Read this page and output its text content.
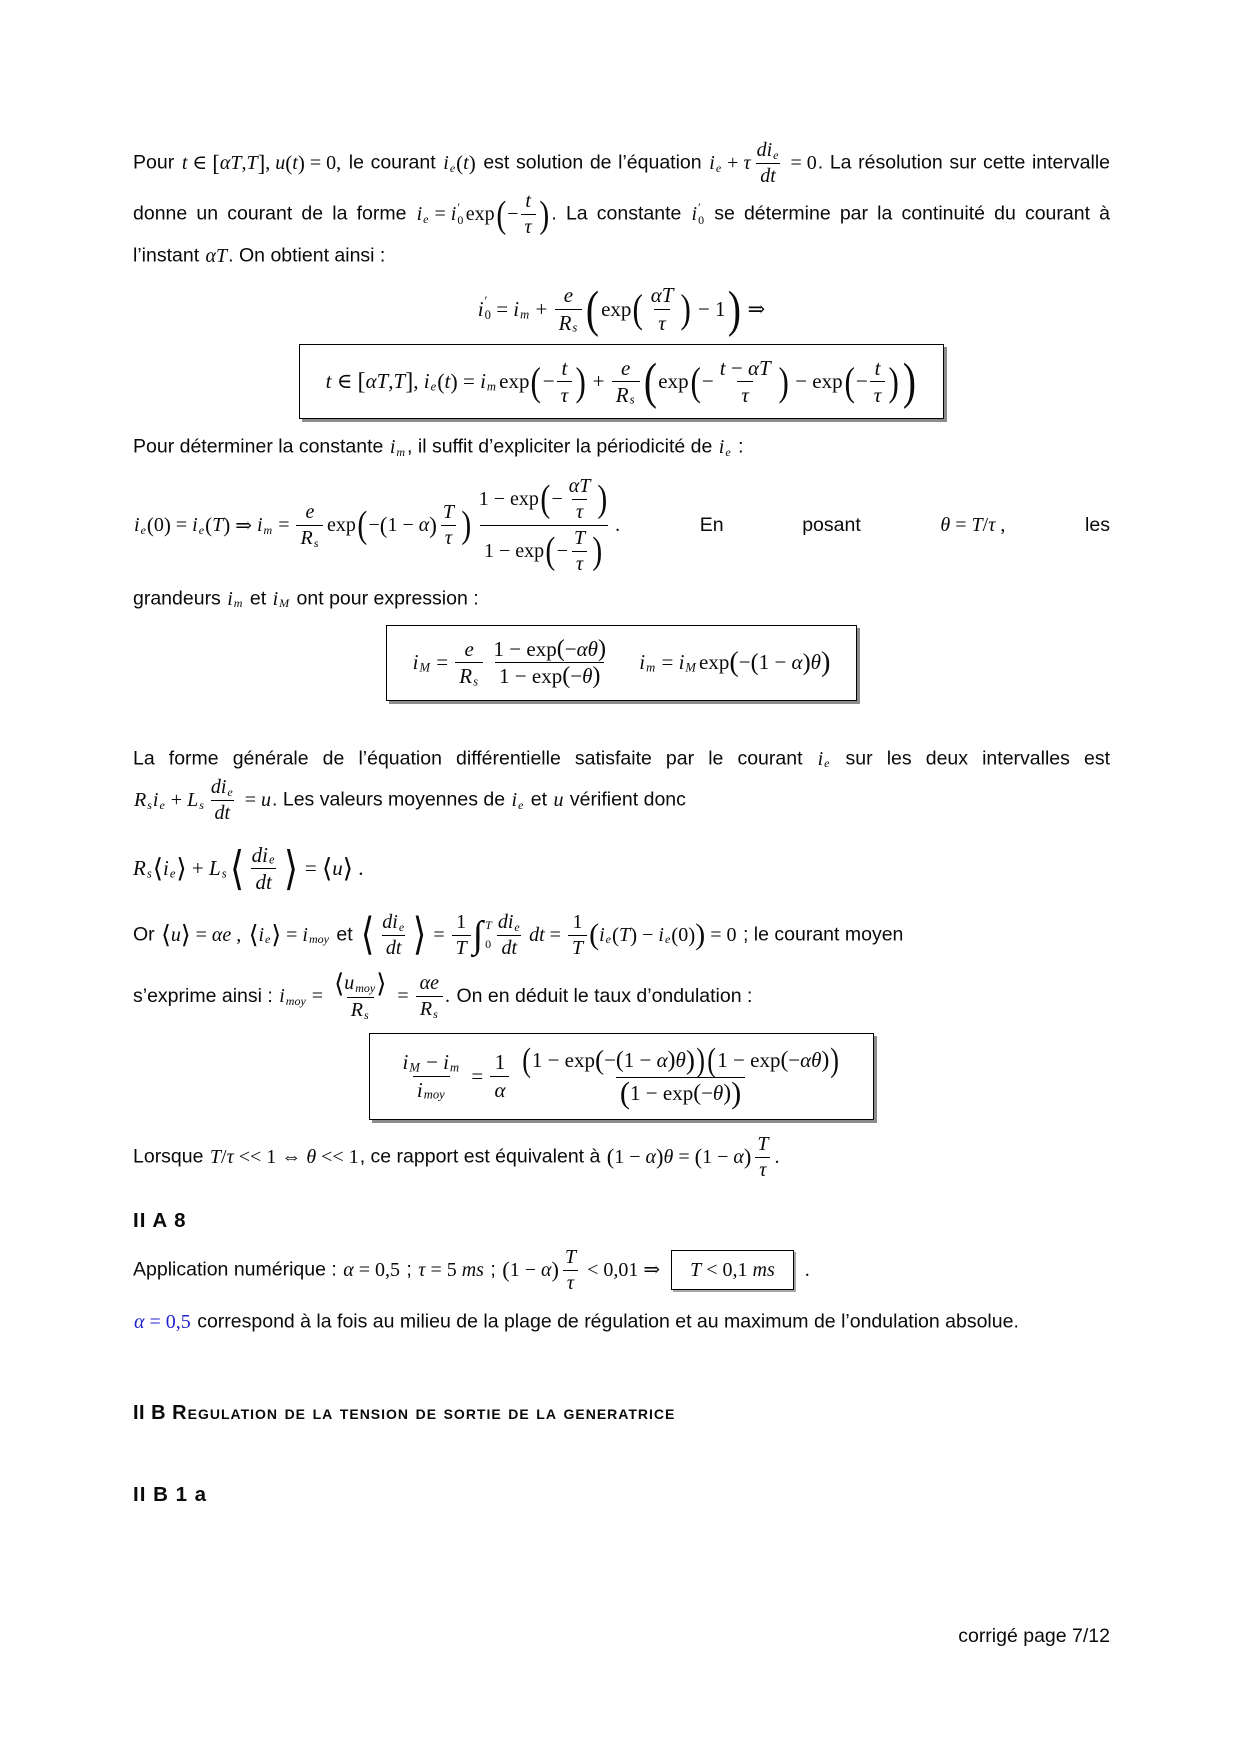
Pour t ∈ [ αT , T ] , u ( t ) = 0, le courant i e ( t ) est solution de l’équation i e + τ $\frac{\text{di e}}{dt} = 0$ . La résolution sur cette intervalle donne un courant de la forme i e = i ′
0 exp ( − $\frac{t}{\tau}$ ) . La constante i ′
0 se détermine par la continuité du courant à l’instant αT . On obtient ainsi :
i ′
0 = i $m + \frac{e}{\text{R s}}$ ( exp ( $\frac{\alpha T}{\tau}$ ) − 1 ) ⇒
t ∈ [ αT , T ] , i e ( t ) = i m exp ( − $\frac{t}{\tau}$ ) + $\frac{e}{\text{R s}}$ ( exp ( − $\frac{t - \alpha T}{\tau}$ ) − exp ( − $\frac{t}{\tau}$ ) )
Pour déterminer la constante i m , il suffit d’expliciter la périodicité de i e :
i e ( 0 ) = i e ( T ) ⇒ i $m = \frac{e}{\text{R s}}$ exp ( − ( 1 − α ) $\frac{T}{\tau}$ ) $\frac{1 - \exp ( - \frac{\alpha T}{\tau} )}{1 - \exp ( - \frac{T}{\tau} )}$ .	En	posant	θ = T / τ ,	les
grandeurs i m et i M ont pour expression :
i $M = \frac{e}{\text{R s}} \frac{1 - \exp ( - \alpha\theta )}{1 - \exp ( - \theta )}$ i m = i M exp ( − ( 1 − α ) θ )
La forme générale de l’équation différentielle satisfaite par le courant i e sur les deux intervalles est
R s i e + L s $\frac{\text{di e}}{dt} = u$ . Les valeurs moyennes de i e et u vérifient donc
R s ⟨ i e ⟩ + L s ⟨ $\frac{\text{di e}}{dt}$ ⟩ = ⟨ u ⟩ .
Or ⟨ u ⟩ = αe ,
⟨ i e ⟩ = i moy et ⟨ $\frac{\text{di e}}{dt}$ ⟩ = $\frac{1}{T}$ ∫ T
$0 \frac{\text{di e}}{dt}$ dt = $\frac{1}{T}$ ( i e ( T ) − i e ( 0 ) ) = 0 ; le courant moyen
s’exprime ainsi : i moy = $\frac{\text{⟨ u moy ⟩}}{\text{R s}} = \frac{\alpha e}{\text{R s}}$ . On en déduit le taux d’ondulation :
$\frac{\text{i M − i m}}{\text{i moy}} = \frac{1}{\alpha} \frac{( 1 - \exp ( - ( 1 - \alpha ) \theta ) ) ( 1 - \exp ( - \alpha\theta ) )}{( 1 - \exp ( - \theta ) )}$
Lorsque T / τ << 1 ⇔ θ << 1 , ce rapport est équivalent à ( 1 − α ) θ = ( 1 − α ) $\frac{T}{\tau}$ .
II A 8
Application numérique : α = 0,5 ; τ = 5 ms ; ( 1 − α ) $\frac{T}{\tau} < 0,01$ ⇒ T < 0,1 ms .
α = 0,5 correspond à la fois au milieu de la plage de régulation et au maximum de l’ondulation absolue.
II B Regulation de la tension de sortie de la generatrice
II B 1 a
corrigé page 7/12
